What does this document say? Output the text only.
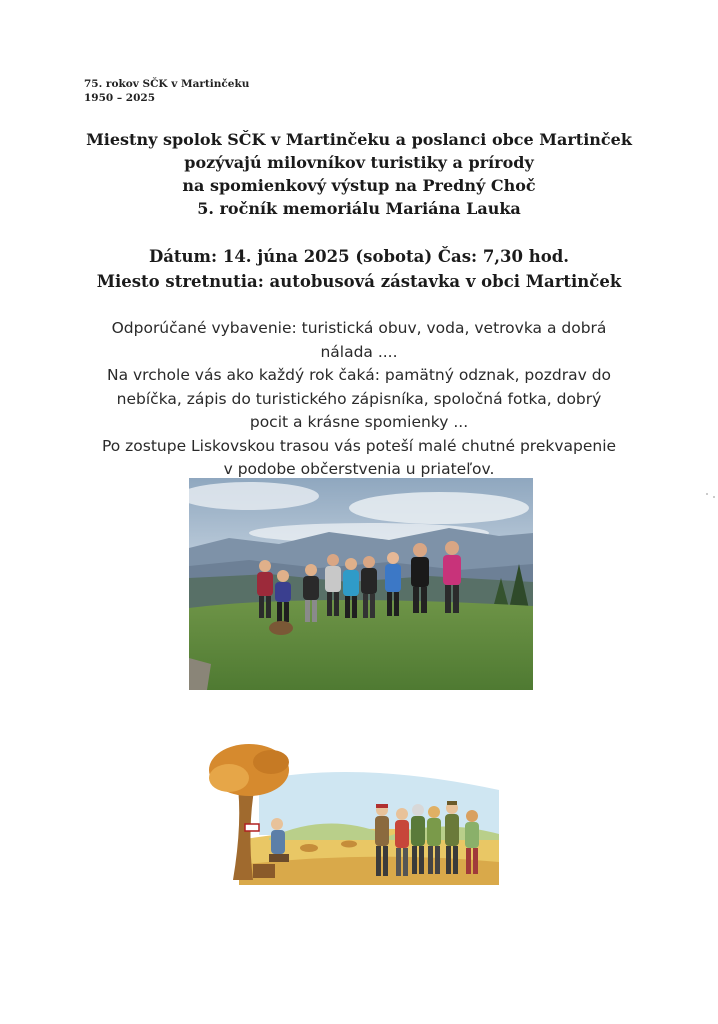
75. rokov SČK v Martinčeku
1950 – 2025
Miestny spolok SČK v Martinčeku a poslanci obce Martinček
pozývajú milovníkov turistiky a prírody
na spomienkový výstup na Predný Choč
5. ročník memoriálu Mariána Lauka
Dátum: 14. júna 2025 (sobota) Čas: 7,30 hod.
Miesto stretnutia: autobusová zástavka v obci Martinček
Odporúčané vybavenie: turistická obuv, voda, vetrovka a dobrá
nálada ....
Na vrchole vás ako každý rok čaká: pamätný odznak, pozdrav do
nebíčka, zápis do turistického zápisníka, spoločná fotka, dobrý
pocit a krásne spomienky ...
Po zostupe Liskovskou trasou vás poteší malé chutné prekvapenie
v podobe občerstvenia u priateľov.
